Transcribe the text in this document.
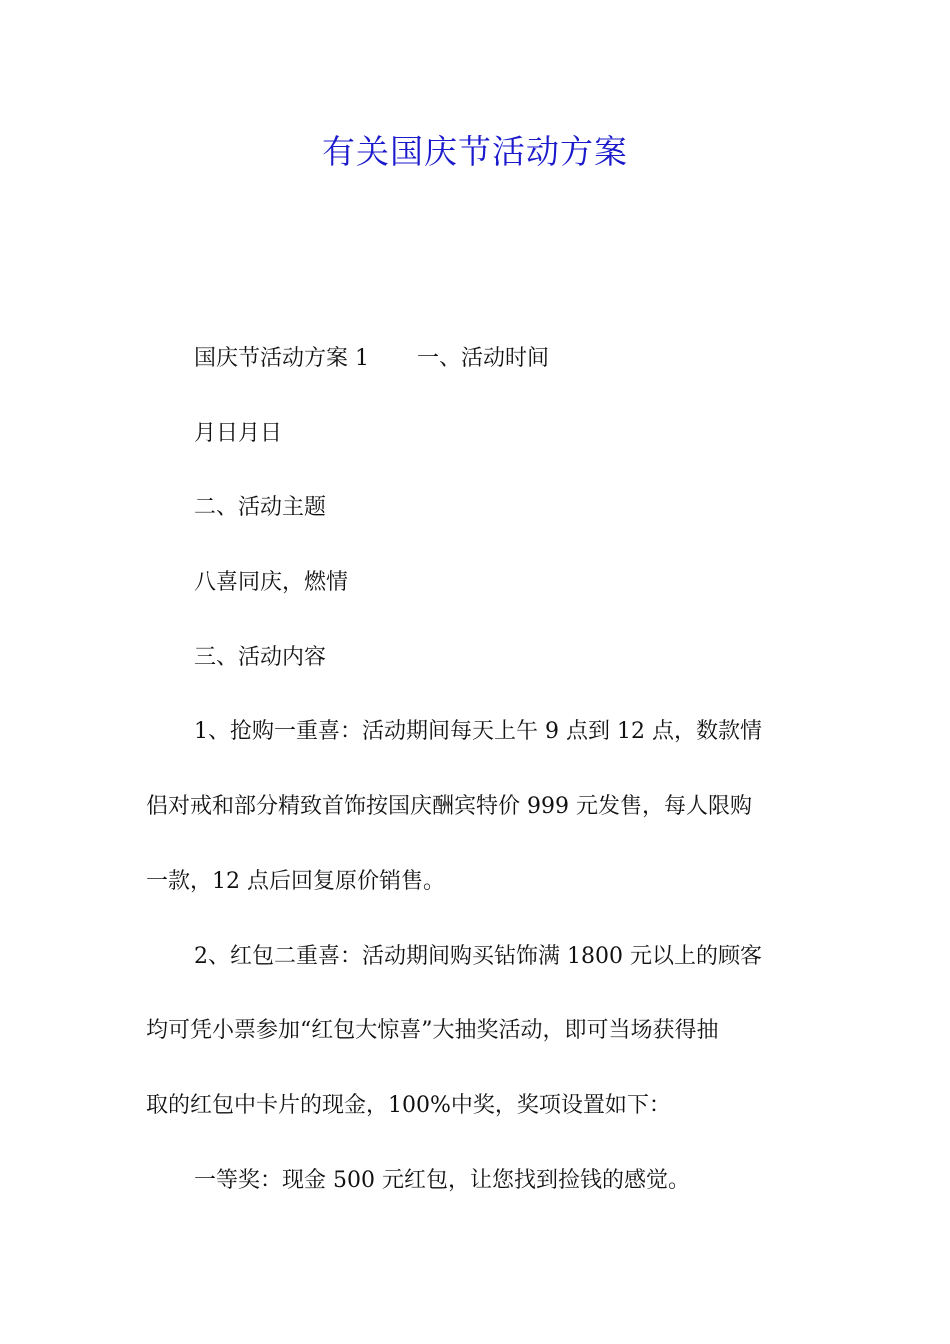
有关国庆节活动方案
国庆节活动方案 1 一、活动时间
月日月日
二、活动主题
八喜同庆，燃情
三、活动内容
1、抢购一重喜：活动期间每天上午 9 点到 12 点，数款情
侣对戒和部分精致首饰按国庆酬宾特价 999 元发售，每人限购
一款，12 点后回复原价销售。
2、红包二重喜：活动期间购买钻饰满 1800 元以上的顾客
均可凭小票参加“红包大惊喜”大抽奖活动，即可当场获得抽
取的红包中卡片的现金，100%中奖，奖项设置如下：
一等奖：现金 500 元红包，让您找到捡钱的感觉。
